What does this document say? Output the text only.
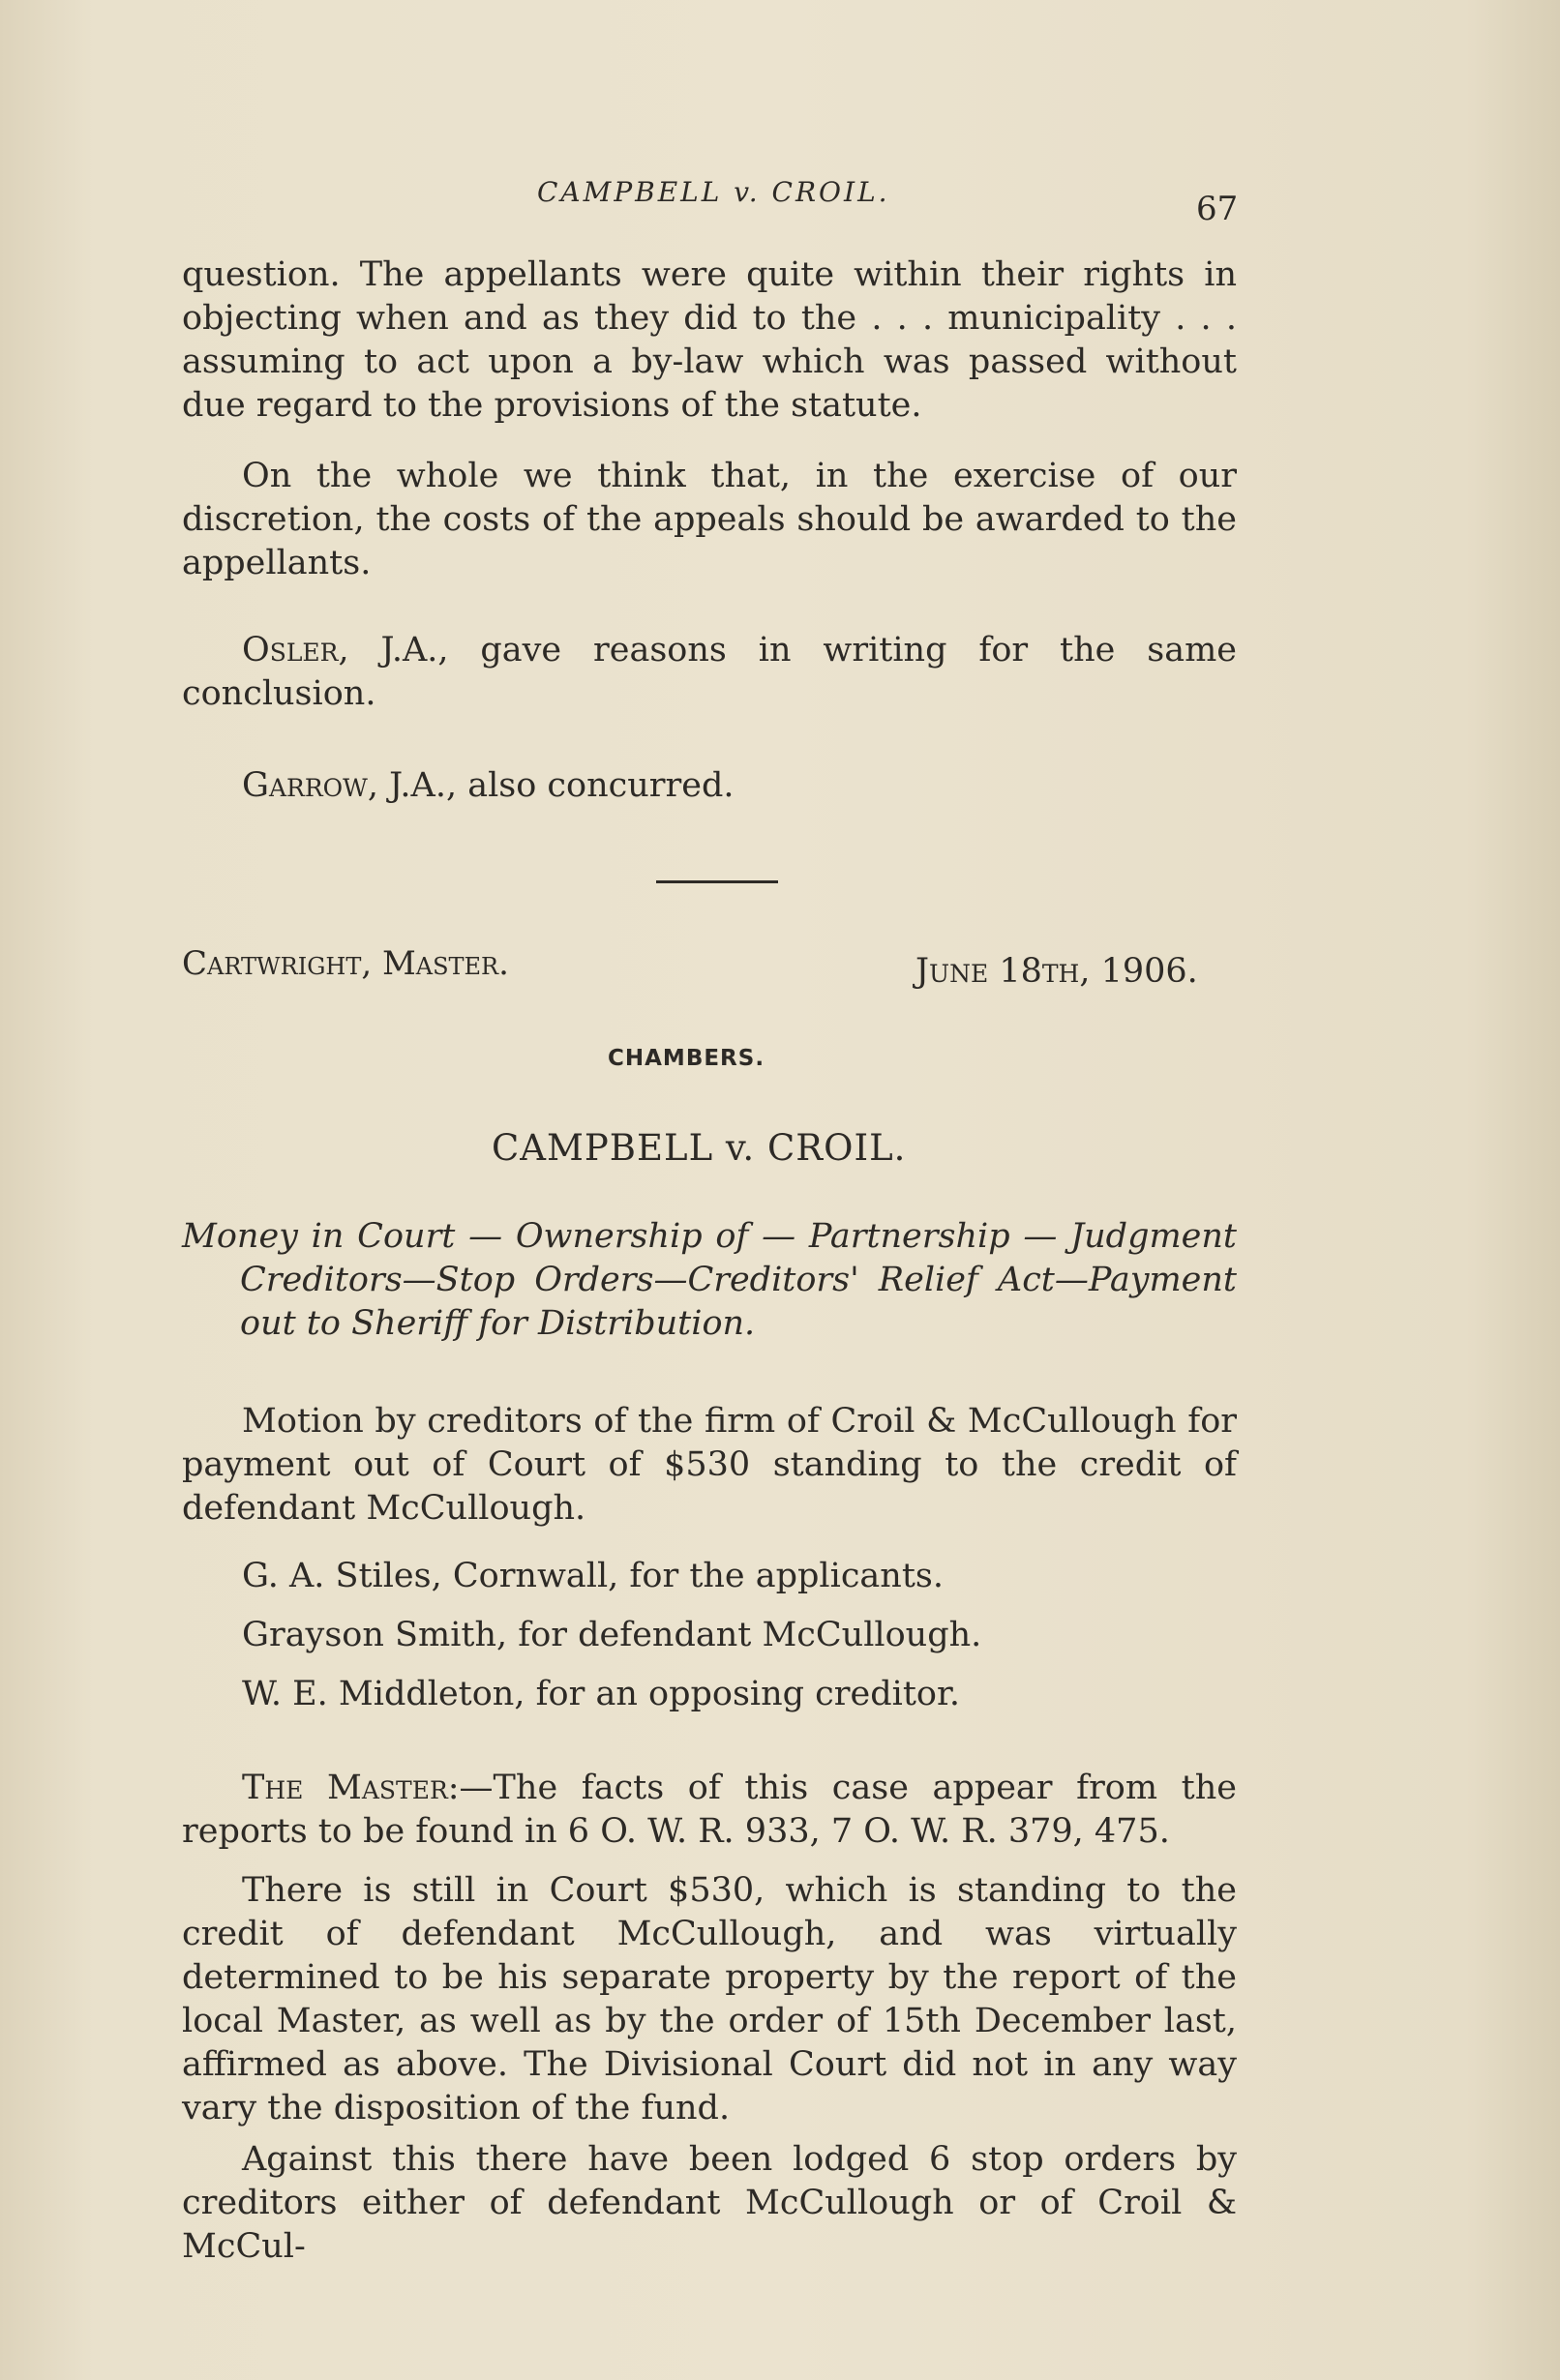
CAMPBELL v. CROIL.	67

question. The appellants were quite within their rights in objecting when and as they did to the . . . municipality . . . assuming to act upon a by-law which was passed without due regard to the provisions of the statute.

On the whole we think that, in the exercise of our discretion, the costs of the appeals should be awarded to the appellants.

Osler, J.A., gave reasons in writing for the same conclusion.

Garrow, J.A., also concurred.

Cartwright, Master.	June 18th, 1906.
CHAMBERS.
CAMPBELL v. CROIL.

Money in Court — Ownership of — Partnership — Judgment Creditors—Stop Orders—Creditors' Relief Act—Payment out to Sheriff for Distribution.

Motion by creditors of the firm of Croil & McCullough for payment out of Court of $530 standing to the credit of defendant McCullough.

G. A. Stiles, Cornwall, for the applicants.

Grayson Smith, for defendant McCullough.

W. E. Middleton, for an opposing creditor.

The Master:—The facts of this case appear from the reports to be found in 6 O. W. R. 933, 7 O. W. R. 379, 475.

There is still in Court $530, which is standing to the credit of defendant McCullough, and was virtually determined to be his separate property by the report of the local Master, as well as by the order of 15th December last, affirmed as above. The Divisional Court did not in any way vary the disposition of the fund.

Against this there have been lodged 6 stop orders by creditors either of defendant McCullough or of Croil & McCul-
